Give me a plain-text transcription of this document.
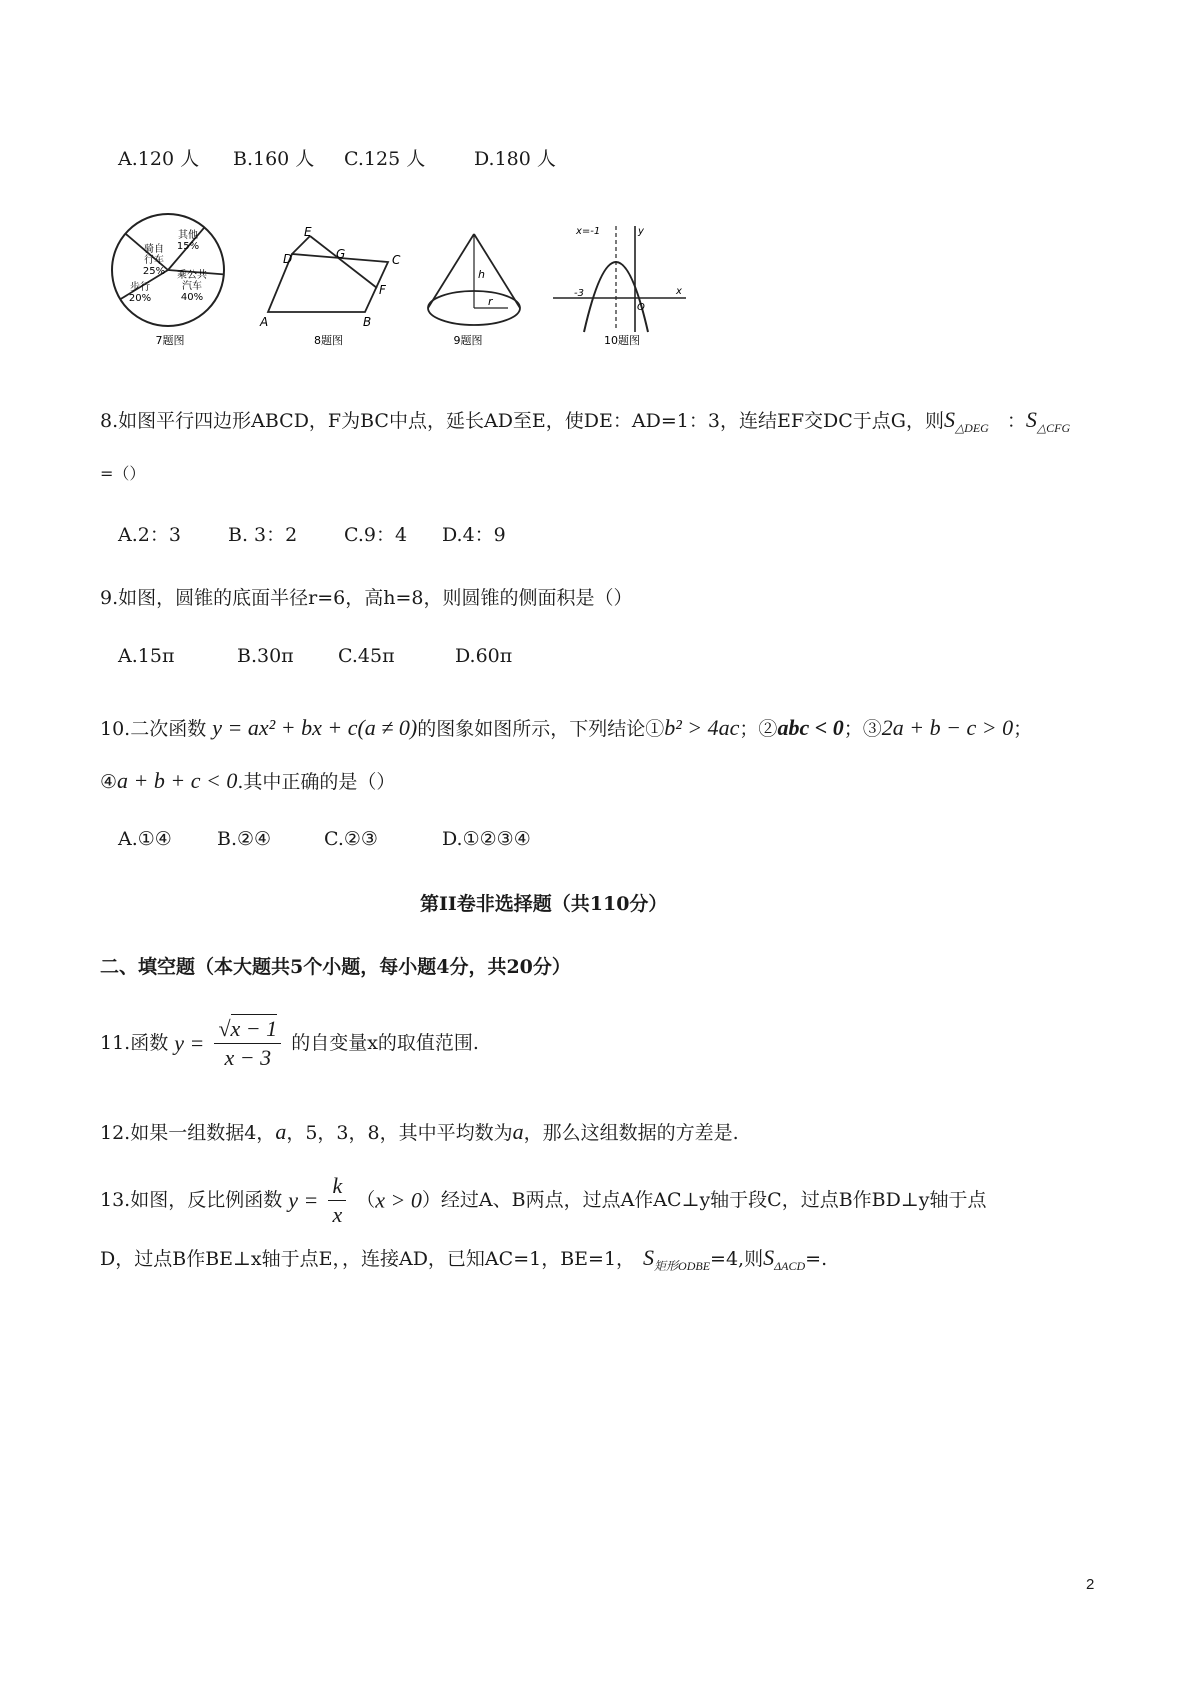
A.120 人 B.160 人 C.125 人	D.180 人
骑自
行车
25%
其他
15%
乘公共
汽车
40%
步行
20%
7题图
A	B
C
D
E
F
G
8题图
h
r
9题图
x=-1	y
x
-3
O
10题图
8.如图平行四边形ABCD，F为BC中点，延长AD至E，使DE：AD=1：3，连结EF交DC于点G，则$S_{\triangle DEG}$ ：$S_{\triangle CFG}$
=（）
A.2：3 B. 3：2 C.9：4 D.4：9
9.如图，圆锥的底面半径r=6，高h=8，则圆锥的侧面积是（）
A.15π	B.30π C.45π	D.60π
10.二次函数 y = ax² + bx + c(a ≠ 0)的图象如图所示，下列结论①b² > 4ac；②abc < 0；③2a + b − c > 0；
④a + b + c < 0.其中正确的是（）
A.①④ B.②④	C.②③	D.①②③④
第II卷非选择题（共110分）
二、填空题（本大题共5个小题，每小题4分，共20分）
11.函数 $y = \frac{√x - 1}{x - 3}$ 的自变量x的取值范围.
12.如果一组数据4，a，5，3，8，其中平均数为a，那么这组数据的方差是.
13.如图，反比例函数 $y = \frac{k}{x} (x > 0)$经过A、B两点，过点A作AC⊥y轴于段C，过点B作BD⊥y轴于点
D，过点B作BE⊥x轴于点E，，连接AD，已知AC=1，BE=1， $S_{矩形ODBE}=4$,则$S_{\Delta ACD}=$.
2
